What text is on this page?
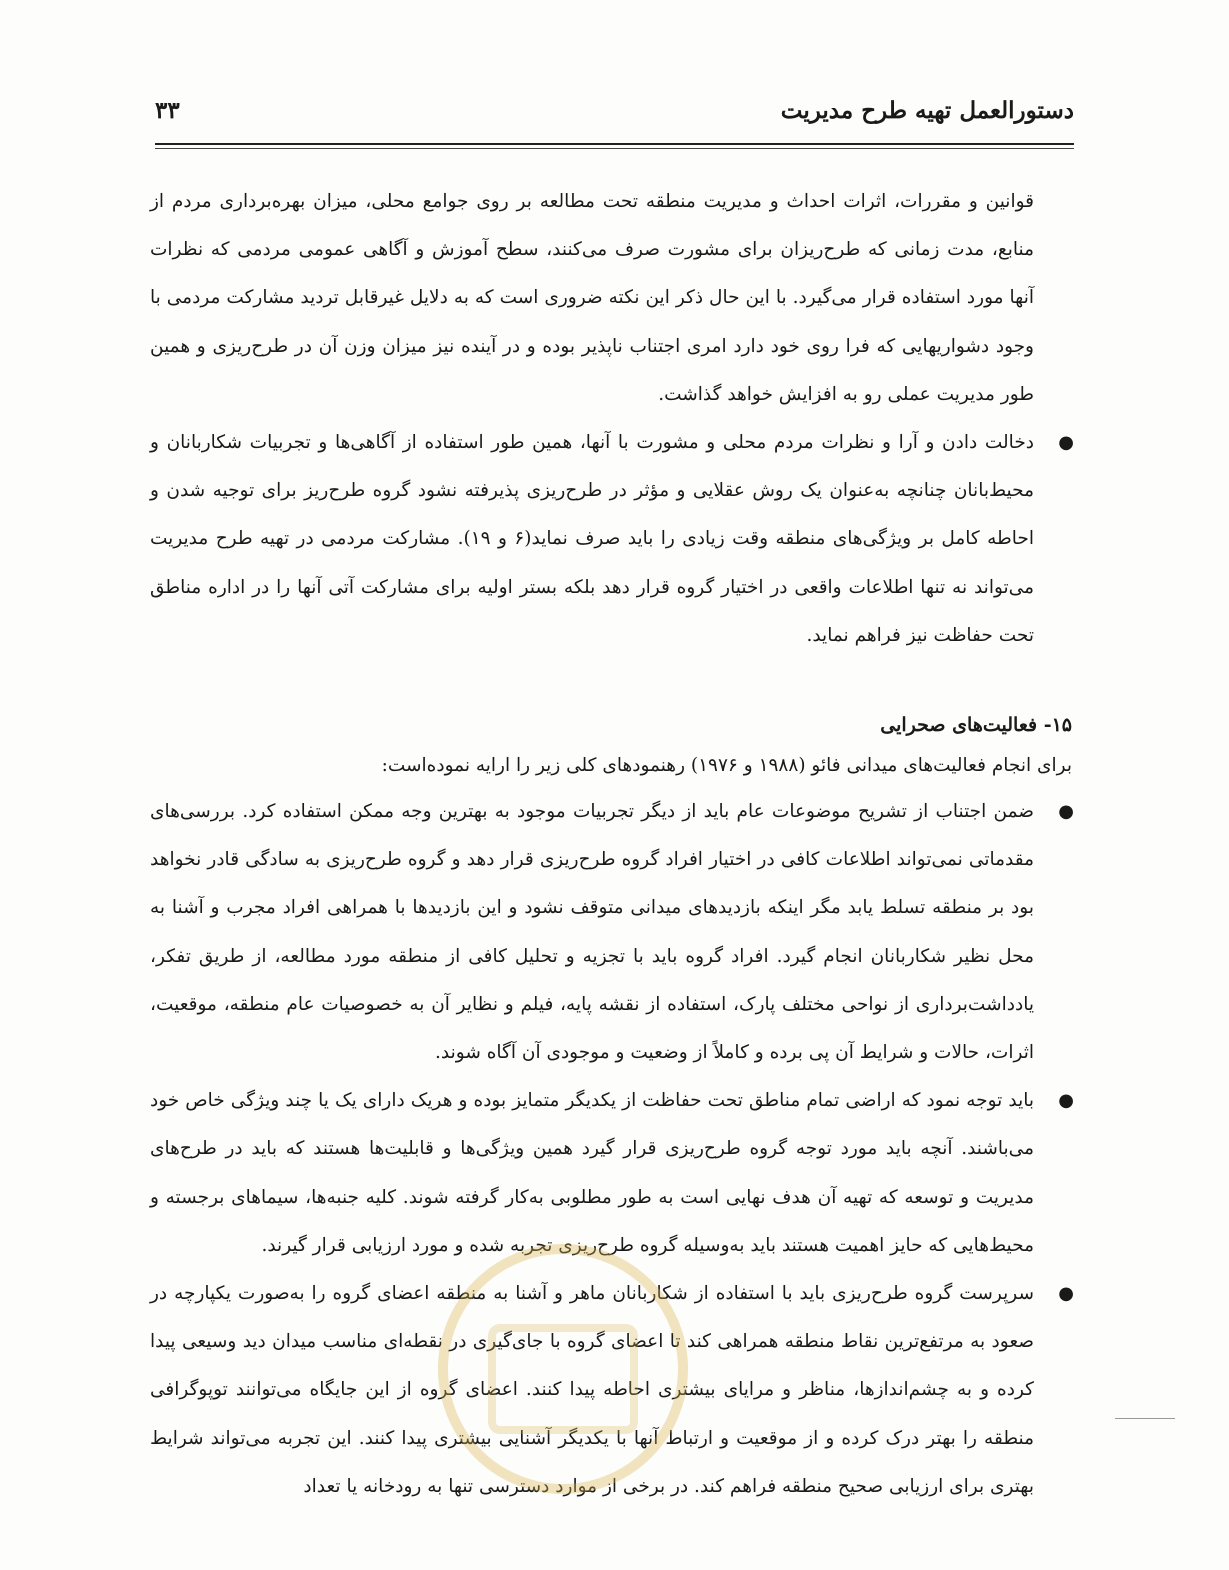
دستورالعمل تهیه طرح مدیریت
۳۳

قوانین و مقررات، اثرات احداث و مدیریت منطقه تحت مطالعه بر روی جوامع محلی، میزان بهره‌برداری مردم از منابع، مدت زمانی که طرح‌ریزان برای مشورت صرف می‌کنند، سطح آموزش و آگاهی عمومی مردمی که نظرات آنها مورد استفاده قرار می‌گیرد. با این حال ذکر این نکته ضروری است که به دلایل غیرقابل تردید مشارکت مردمی با وجود دشواریهایی که فرا روی خود دارد امری اجتناب ناپذیر بوده و در آینده نیز میزان وزن آن در طرح‌ریزی و همین طور مدیریت عملی رو به افزایش خواهد گذاشت.

●
دخالت دادن و آرا و نظرات مردم محلی و مشورت با آنها، همین طور استفاده از آگاهی‌ها و تجربیات شکاربانان و محیط‌بانان چنانچه به‌عنوان یک روش عقلایی و مؤثر در طرح‌ریزی پذیرفته نشود گروه طرح‌ریز برای توجیه شدن و احاطه کامل بر ویژگی‌های منطقه وقت زیادی را باید صرف نماید(۶ و ۱۹). مشارکت مردمی در تهیه طرح مدیریت می‌تواند نه تنها اطلاعات واقعی در اختیار گروه قرار دهد بلکه بستر اولیه برای مشارکت آتی آنها را در اداره مناطق تحت حفاظت نیز فراهم نماید.
۱۵- فعالیت‌های صحرایی
برای انجام فعالیت‌های میدانی فائو (۱۹۸۸ و ۱۹۷۶) رهنمودهای کلی زیر را ارایه نموده‌است:
●
ضمن اجتناب از تشریح موضوعات عام باید از دیگر تجربیات موجود به بهترین وجه ممکن استفاده کرد. بررسی‌های مقدماتی نمی‌تواند اطلاعات کافی در اختیار افراد گروه طرح‌ریزی قرار دهد و گروه طرح‌ریزی به سادگی قادر نخواهد بود بر منطقه تسلط یابد مگر اینکه بازدیدهای میدانی متوقف نشود و این بازدیدها با همراهی افراد مجرب و آشنا به محل نظیر شکاربانان انجام گیرد. افراد گروه باید با تجزیه و تحلیل کافی از منطقه مورد مطالعه، از طریق تفکر، یادداشت‌برداری از نواحی مختلف پارک، استفاده از نقشه پایه، فیلم و نظایر آن به خصوصیات عام منطقه، موقعیت، اثرات، حالات و شرایط آن پی برده و کاملاً از وضعیت و موجودی آن آگاه شوند.
●
باید توجه نمود که اراضی تمام مناطق تحت حفاظت از یکدیگر متمایز بوده و هریک دارای یک یا چند ویژگی خاص خود می‌باشند. آنچه باید مورد توجه گروه طرح‌ریزی قرار گیرد همین ویژگی‌ها و قابلیت‌ها هستند که باید در طرح‌های مدیریت و توسعه که تهیه آن هدف نهایی است به طور مطلوبی به‌کار گرفته شوند. کلیه جنبه‌ها، سیماهای برجسته و محیط‌هایی که حایز اهمیت هستند باید به‌وسیله گروه طرح‌ریزی تجربه شده و مورد ارزیابی قرار گیرند.
●
سرپرست گروه طرح‌ریزی باید با استفاده از شکاربانان ماهر و آشنا به منطقه اعضای گروه را به‌صورت یکپارچه در صعود به مرتفع‌ترین نقاط منطقه همراهی کند تا اعضای گروه با جای‌گیری در نقطه‌ای مناسب میدان دید وسیعی پیدا کرده و به چشم‌اندازها، مناظر و مرایای بیشتری احاطه پیدا کنند. اعضای گروه از این جایگاه می‌توانند توپوگرافی منطقه را بهتر درک کرده و از موقعیت و ارتباط آنها با یکدیگر آشنایی بیشتری پیدا کنند. این تجربه می‌تواند شرایط بهتری برای ارزیابی صحیح منطقه فراهم کند. در برخی از موارد دسترسی تنها به رودخانه یا تعداد
